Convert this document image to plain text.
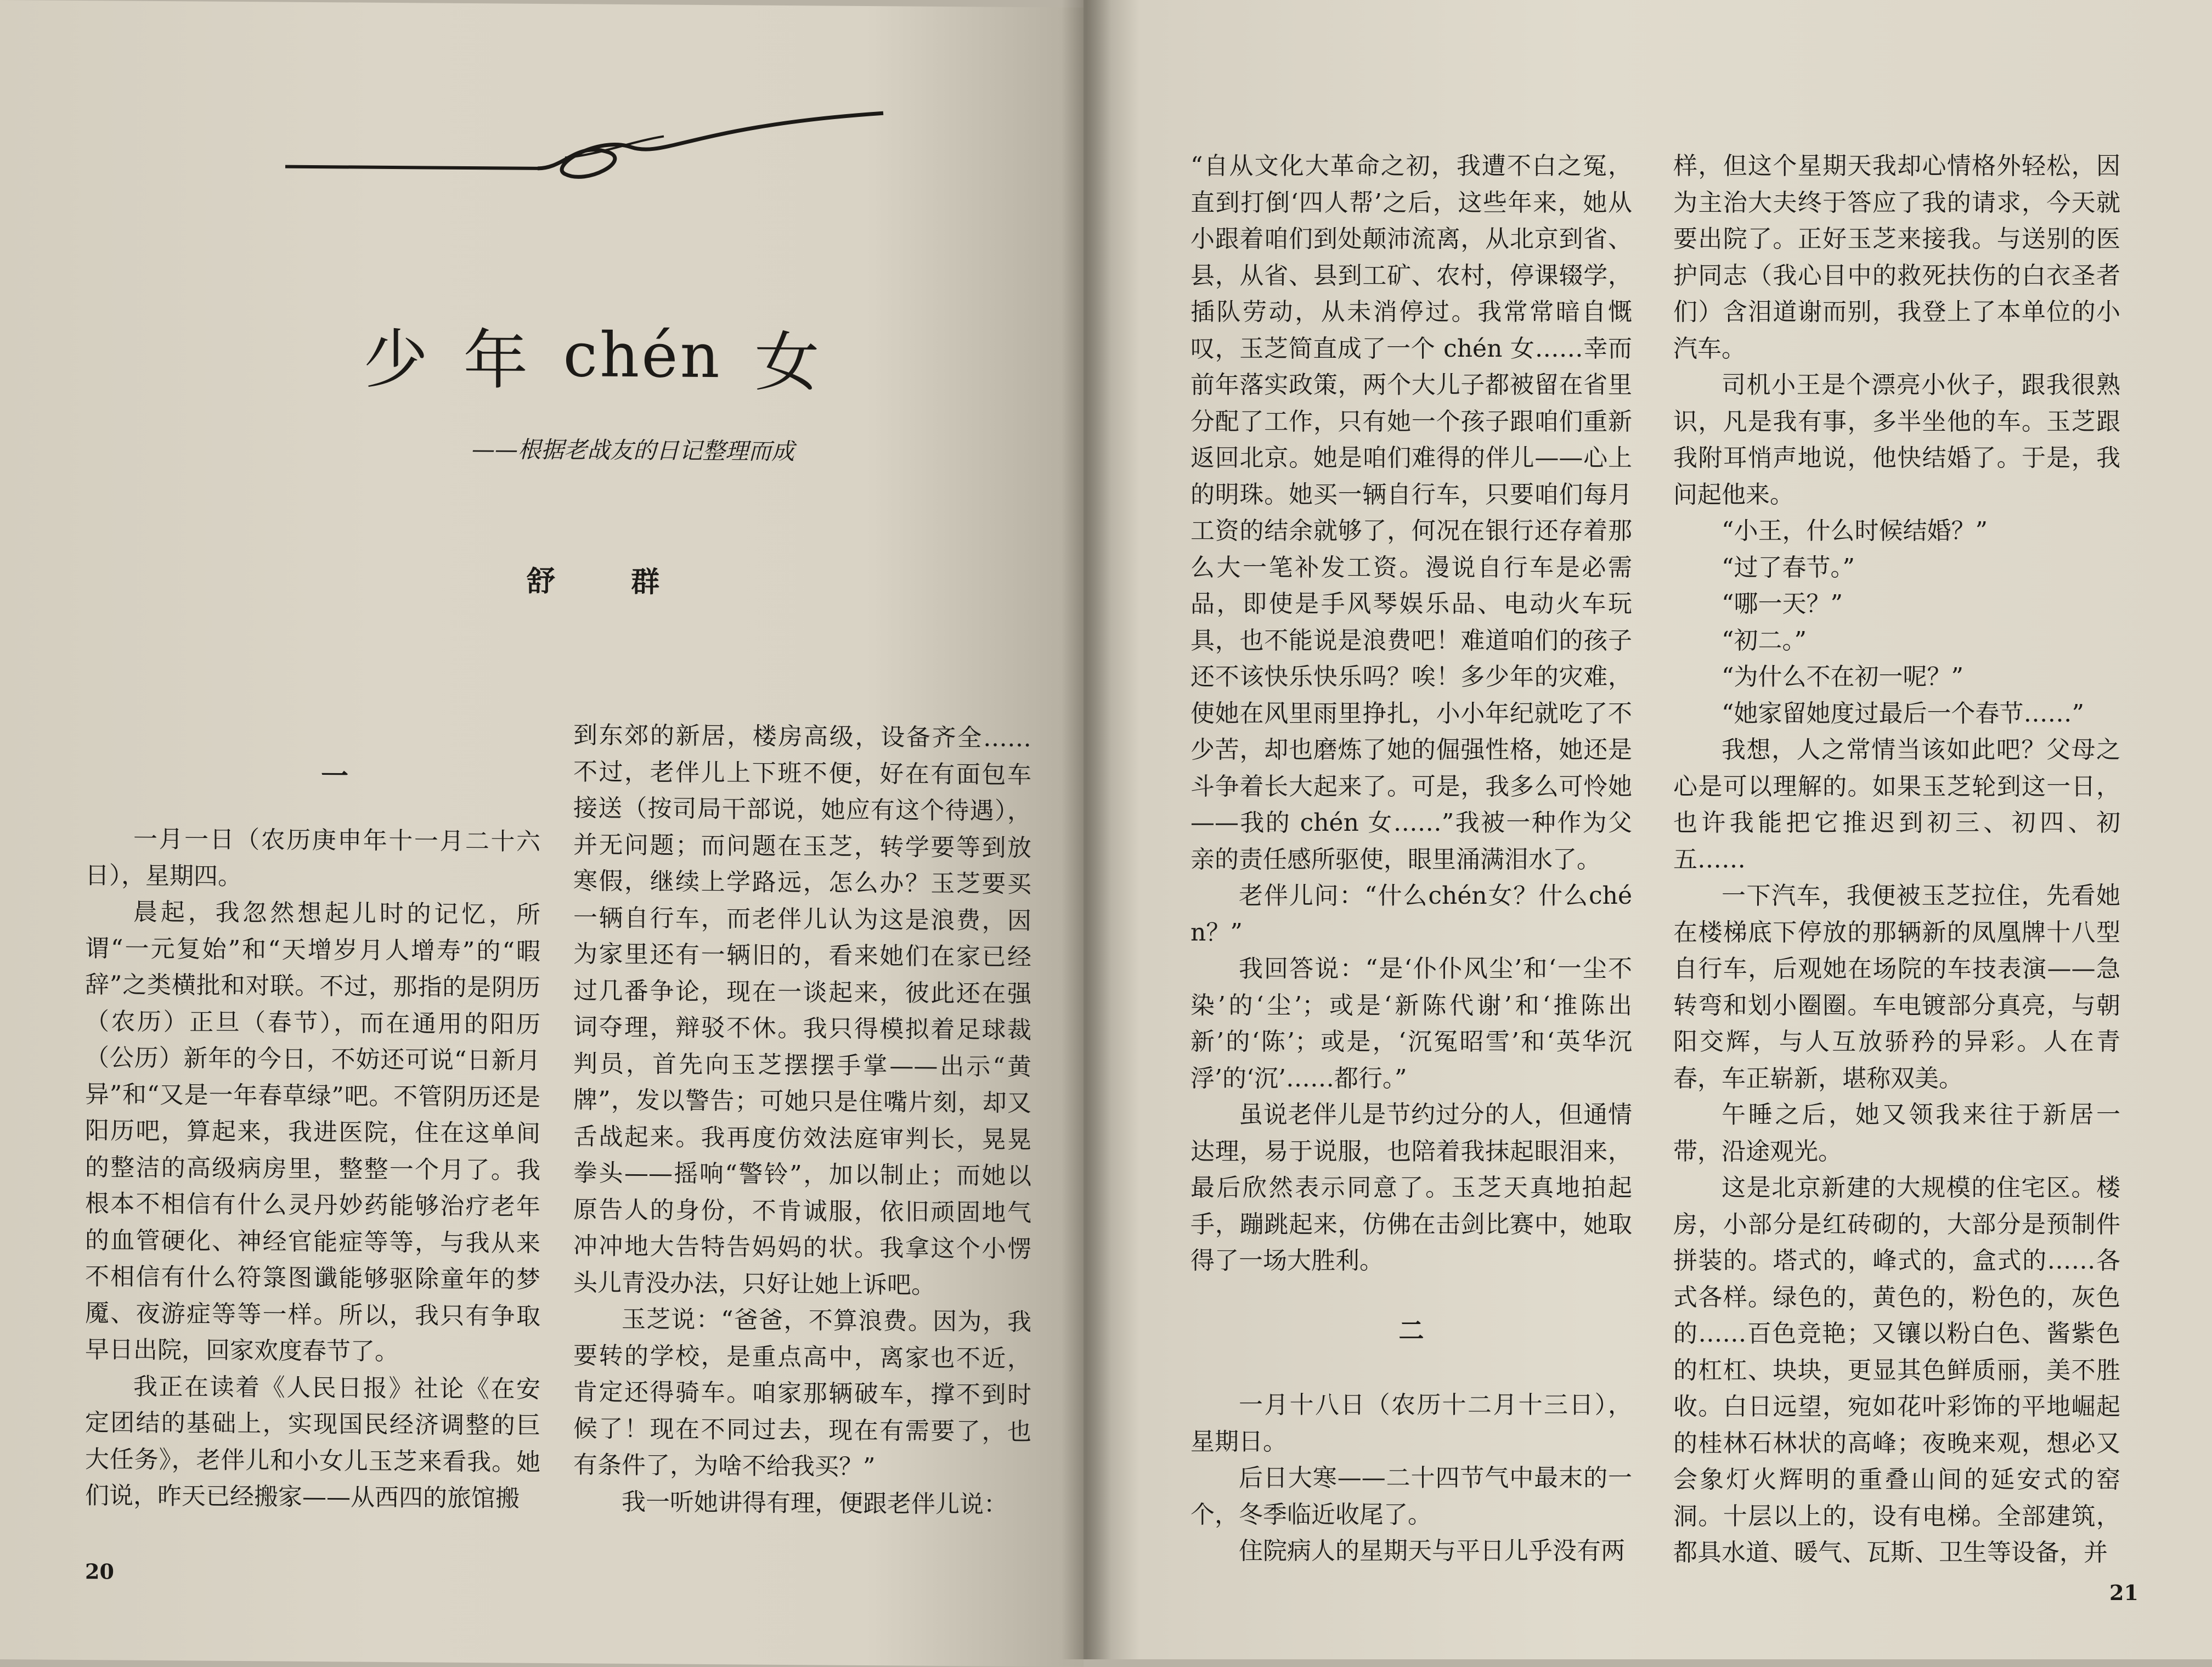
少 年 chén 女
——根据老战友的日记整理而成
舒 群
一

一月一日（农历庚申年十一月二十六日），星期四。

晨起，我忽然想起儿时的记忆，所谓“一元复始”和“天增岁月人增寿”的“暇辞”之类横批和对联。不过，那指的是阴历（农历）正旦（春节），而在通用的阳历（公历）新年的今日，不妨还可说“日新月异”和“又是一年春草绿”吧。不管阴历还是阳历吧，算起来，我进医院，住在这单间的整洁的高级病房里，整整一个月了。我根本不相信有什么灵丹妙药能够治疗老年的血管硬化、神经官能症等等，与我从来不相信有什么符箓图谶能够驱除童年的梦魇、夜游症等等一样。所以，我只有争取早日出院，回家欢度春节了。

我正在读着《人民日报》社论《在安定团结的基础上，实现国民经济调整的巨大任务》，老伴儿和小女儿玉芝来看我。她们说，昨天已经搬家——从西四的旅馆搬

到东郊的新居，楼房高级，设备齐全……不过，老伴儿上下班不便，好在有面包车接送（按司局干部说，她应有这个待遇），并无问题；而问题在玉芝，转学要等到放寒假，继续上学路远，怎么办？玉芝要买一辆自行车，而老伴儿认为这是浪费，因为家里还有一辆旧的，看来她们在家已经过几番争论，现在一谈起来，彼此还在强词夺理，辩驳不休。我只得模拟着足球裁判员，首先向玉芝摆摆手掌——出示“黄牌”，发以警告；可她只是住嘴片刻，却又舌战起来。我再度仿效法庭审判长，晃晃拳头——摇响“警铃”，加以制止；而她以原告人的身份，不肯诚服，依旧顽固地气冲冲地大告特告妈妈的状。我拿这个小愣头儿青没办法，只好让她上诉吧。

玉芝说：“爸爸，不算浪费。因为，我要转的学校，是重点高中，离家也不近，肯定还得骑车。咱家那辆破车，撑不到时候了！现在不同过去，现在有需要了，也有条件了，为啥不给我买？”

我一听她讲得有理，便跟老伴儿说：

20

“自从文化大革命之初，我遭不白之冤，直到打倒‘四人帮’之后，这些年来，她从小跟着咱们到处颠沛流离，从北京到省、县，从省、县到工矿、农村，停课辍学，插队劳动，从未消停过。我常常暗自慨叹，玉芝简直成了一个 chén 女……幸而前年落实政策，两个大儿子都被留在省里分配了工作，只有她一个孩子跟咱们重新返回北京。她是咱们难得的伴儿——心上的明珠。她买一辆自行车，只要咱们每月工资的结余就够了，何况在银行还存着那么大一笔补发工资。漫说自行车是必需品，即使是手风琴娱乐品、电动火车玩具，也不能说是浪费吧！难道咱们的孩子还不该快乐快乐吗？唉！多少年的灾难，使她在风里雨里挣扎，小小年纪就吃了不少苦，却也磨炼了她的倔强性格，她还是斗争着长大起来了。可是，我多么可怜她——我的 chén 女……”我被一种作为父亲的责任感所驱使，眼里涌满泪水了。

老伴儿问：“什么chén女？什么chén？”

我回答说：“是‘仆仆风尘’和‘一尘不染’的‘尘’；或是‘新陈代谢’和‘推陈出新’的‘陈’；或是，‘沉冤昭雪’和‘英华沉浮’的‘沉’……都行。”

虽说老伴儿是节约过分的人，但通情达理，易于说服，也陪着我抹起眼泪来，最后欣然表示同意了。玉芝天真地拍起手，蹦跳起来，仿佛在击剑比赛中，她取得了一场大胜利。

二

一月十八日（农历十二月十三日），星期日。

后日大寒——二十四节气中最末的一个，冬季临近收尾了。

住院病人的星期天与平日儿乎没有两

样，但这个星期天我却心情格外轻松，因为主治大夫终于答应了我的请求，今天就要出院了。正好玉芝来接我。与送别的医护同志（我心目中的救死扶伤的白衣圣者们）含泪道谢而别，我登上了本单位的小汽车。

司机小王是个漂亮小伙子，跟我很熟识，凡是我有事，多半坐他的车。玉芝跟我附耳悄声地说，他快结婚了。于是，我问起他来。

“小王，什么时候结婚？”

“过了春节。”

“哪一天？”

“初二。”

“为什么不在初一呢？”

“她家留她度过最后一个春节……”

我想，人之常情当该如此吧？父母之心是可以理解的。如果玉芝轮到这一日，也许我能把它推迟到初三、初四、初五……

一下汽车，我便被玉芝拉住，先看她在楼梯底下停放的那辆新的凤凰牌十八型自行车，后观她在场院的车技表演——急转弯和划小圈圈。车电镀部分真亮，与朝阳交辉，与人互放骄矜的异彩。人在青春，车正崭新，堪称双美。

午睡之后，她又领我来往于新居一带，沿途观光。

这是北京新建的大规模的住宅区。楼房，小部分是红砖砌的，大部分是预制件拼装的。塔式的，峰式的，盒式的……各式各样。绿色的，黄色的，粉色的，灰色的……百色竞艳；又镶以粉白色、酱紫色的杠杠、块块，更显其色鲜质丽，美不胜收。白日远望，宛如花叶彩饰的平地崛起的桂林石林状的高峰；夜晚来观，想必又会象灯火辉明的重叠山间的延安式的窑洞。十层以上的，设有电梯。全部建筑，都具水道、暖气、瓦斯、卫生等设备，并

21
